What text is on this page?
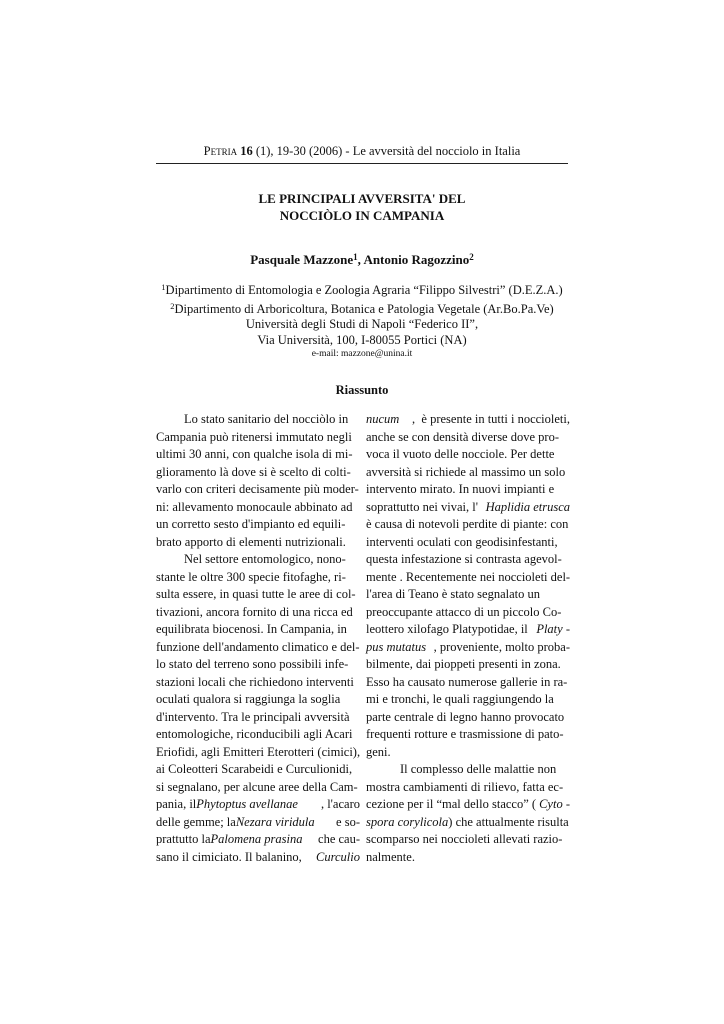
Petria 16 (1), 19-30 (2006) - Le avversità del nocciolo in Italia
LE PRINCIPALI AVVERSITA' DEL
NOCCIÒLO IN CAMPANIA
Pasquale Mazzone$^1$, Antonio Ragozzino$^2$
$^1$Dipartimento di Entomologia e Zoologia Agraria “Filippo Silvestri” (D.E.Z.A.)
$^2$Dipartimento di Arboricoltura, Botanica e Patologia Vegetale (Ar.Bo.Pa.Ve)
Università degli Studi di Napoli “Federico II”,
Via Università, 100, I-80055 Portici (NA)
e-mail: mazzone@unina.it
Riassunto
Lo stato sanitario del nocciòlo in
Campania può ritenersi immutato negli
ultimi 30 anni, con qualche isola di mi-
glioramento là dove si è scelto di colti-
varlo con criteri decisamente più moder-
ni: allevamento monocaule abbinato ad
un corretto sesto d'impianto ed equili-
brato apporto di elementi nutrizionali.
Nel settore entomologico, nono-
stante le oltre 300 specie fitofaghe, ri-
sulta essere, in quasi tutte le aree di col-
tivazioni, ancora fornito di una ricca ed
equilibrata biocenosi. In Campania, in
funzione dell'andamento climatico e del-
lo stato del terreno sono possibili infe-
stazioni locali che richiedono interventi
oculati qualora si raggiunga la soglia
d'intervento. Tra le principali avversità
entomologiche, riconducibili agli Acari
Eriofidi, agli Emitteri Eterotteri (cimici),
ai Coleotteri Scarabeidi e Curculionidi,
si segnalano, per alcune aree della Cam-
pania, ilPhytoptus avellanae , l'acaro
delle gemme; laNezara viridula e so-
prattutto laPalomena prasina che cau-
sano il cimiciato. Il balanino, Curculio
nucum ,  è presente in tutti i noccioleti,
anche se con densità diverse dove pro-
voca il vuoto delle nocciole. Per dette
avversità si richiede al massimo un solo
intervento mirato. In nuovi impianti e
soprattutto nei vivai, l' Haplidia etrusca
è causa di notevoli perdite di piante: con
interventi oculati con geodisinfestanti,
questa infestazione si contrasta agevol-
mente . Recentemente nei noccioleti del-
l'area di Teano è stato segnalato un
preoccupante attacco di un piccolo Co-
leottero xilofago Platypotidae, il Platy -
pus mutatus , proveniente, molto proba-
bilmente, dai pioppeti presenti in zona.
Esso ha causato numerose gallerie in ra-
mi e tronchi, le quali raggiungendo la
parte centrale di legno hanno provocato
frequenti rotture e trasmissione di pato-
geni.
Il complesso delle malattie non
mostra cambiamenti di rilievo, fatta ec-
cezione per il “mal dello stacco” ( Cyto -
spora corylicola) che attualmente risulta
scomparso nei noccioleti allevati razio-
nalmente.
